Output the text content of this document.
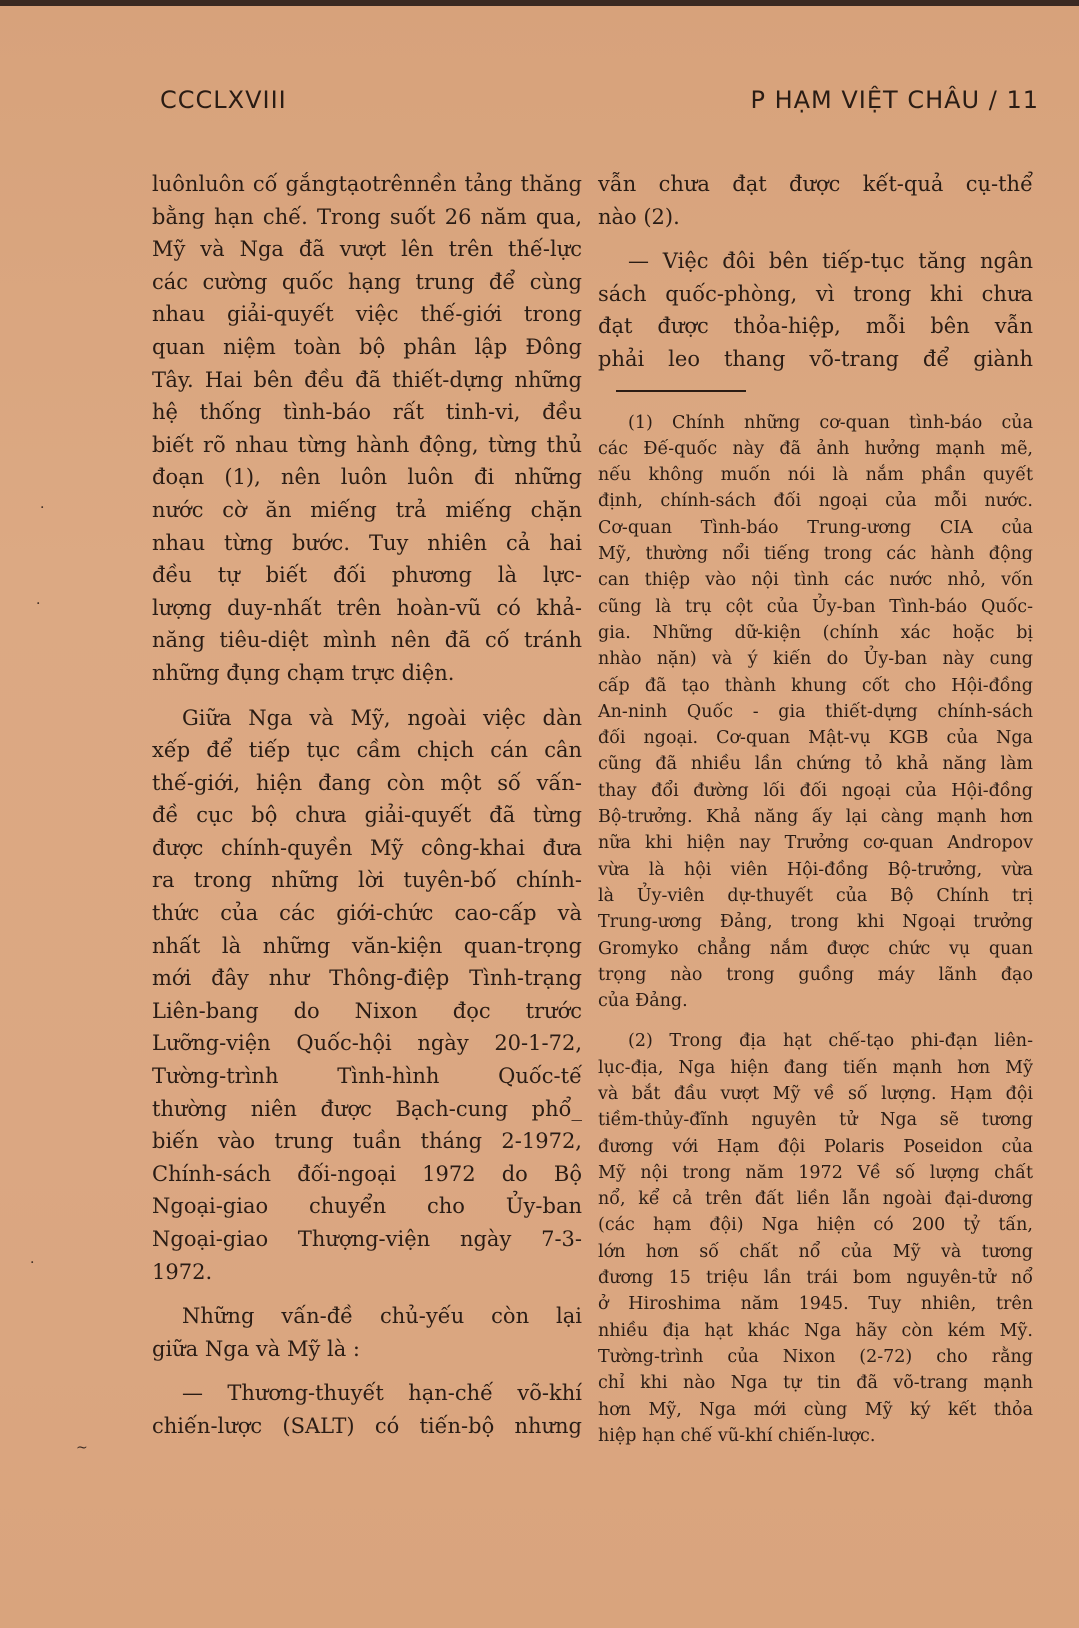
CCCLXVIII	P HẠM VIỆT CHÂU / 11

luônluôn cố gắngtạotrênnền tảng thăng
bằng hạn chế. Trong suốt 26 năm qua,
Mỹ và Nga đã vượt lên trên thế-lực
các cường quốc hạng trung để cùng
nhau giải-quyết việc thế-giới trong
quan niệm toàn bộ phân lập Đông
Tây. Hai bên đều đã thiết-dựng những
hệ thống tình-báo rất tinh-vi, đều
biết rõ nhau từng hành động, từng thủ
đoạn (1), nên luôn luôn đi những
nước cờ ăn miếng trả miếng chặn
nhau từng bước. Tuy nhiên cả hai
đều tự biết đối phương là lực-
lượng duy-nhất trên hoàn-vũ có khả-
năng tiêu-diệt mình nên đã cố tránh
những đụng chạm trực diện.

Giữa Nga và Mỹ, ngoài việc dàn
xếp để tiếp tục cầm chịch cán cân
thế-giới, hiện đang còn một số vấn-
đề cục bộ chưa giải-quyết đã từng
được chính-quyền Mỹ công-khai đưa
ra trong những lời tuyên-bố chính-
thức của các giới-chức cao-cấp và
nhất là những văn-kiện quan-trọng
mới đây như Thông-điệp Tình-trạng
Liên-bang do Nixon đọc trước
Lưỡng-viện Quốc-hội ngày 20-1-72,
Tường-trình Tình-hình Quốc-tế
thường niên được Bạch-cung phổ_
biến vào trung tuần tháng 2-1972,
Chính-sách đối-ngoại 1972 do Bộ
Ngoại-giao chuyển cho Ủy-ban
Ngoại-giao Thượng-viện ngày 7-3-
1972.

Những vấn-đề chủ-yếu còn lại
giữa Nga và Mỹ là :

— Thương-thuyết hạn-chế võ-khí
chiến-lược (SALT) có tiến-bộ nhưng

vẫn chưa đạt được kết-quả cụ-thể
nào (2).

— Việc đôi bên tiếp-tục tăng ngân
sách quốc-phòng, vì trong khi chưa
đạt được thỏa-hiệp, mỗi bên vẫn
phải leo thang võ-trang để giành

(1) Chính những cơ-quan tình-báo của
các Đế-quốc này đã ảnh hưởng mạnh mẽ,
nếu không muốn nói là nắm phần quyết
định, chính-sách đối ngoại của mỗi nước.
Cơ-quan Tình-báo Trung-ương CIA của
Mỹ, thường nổi tiếng trong các hành động
can thiệp vào nội tình các nước nhỏ, vốn
cũng là trụ cột của Ủy-ban Tình-báo Quốc-
gia. Những dữ-kiện (chính xác hoặc bị
nhào nặn) và ý kiến do Ủy-ban này cung
cấp đã tạo thành khung cốt cho Hội-đồng
An-ninh Quốc - gia thiết-dựng chính-sách
đối ngoại. Cơ-quan Mật-vụ KGB của Nga
cũng đã nhiều lần chứng tỏ khả năng làm
thay đổi đường lối đối ngoại của Hội-đồng
Bộ-trưởng. Khả năng ấy lại càng mạnh hơn
nữa khi hiện nay Trưởng cơ-quan Andropov
vừa là hội viên Hội-đồng Bộ-trưởng, vừa
là Ủy-viên dự-thuyết của Bộ Chính trị
Trung-ương Đảng, trong khi Ngoại trưởng
Gromyko chẳng nắm được chức vụ quan
trọng nào trong guồng máy lãnh đạo
của Đảng.

(2) Trong địa hạt chế-tạo phi-đạn liên-
lục-địa, Nga hiện đang tiến mạnh hơn Mỹ
và bắt đầu vượt Mỹ về số lượng. Hạm đội
tiềm-thủy-đĩnh nguyên tử Nga sẽ tương
đương với Hạm đội Polaris Poseidon của
Mỹ nội trong năm 1972 Về số lượng chất
nổ, kể cả trên đất liền lẫn ngoài đại-dương
(các hạm đội) Nga hiện có 200 tỷ tấn,
lớn hơn số chất nổ của Mỹ và tương
đương 15 triệu lần trái bom nguyên-tử nổ
ở Hiroshima năm 1945. Tuy nhiên, trên
nhiều địa hạt khác Nga hãy còn kém Mỹ.
Tường-trình của Nixon (2-72) cho rằng
chỉ khi nào Nga tự tin đã võ-trang mạnh
hơn Mỹ, Nga mới cùng Mỹ ký kết thỏa
hiệp hạn chế vũ-khí chiến-lược.

·
·
·
~
